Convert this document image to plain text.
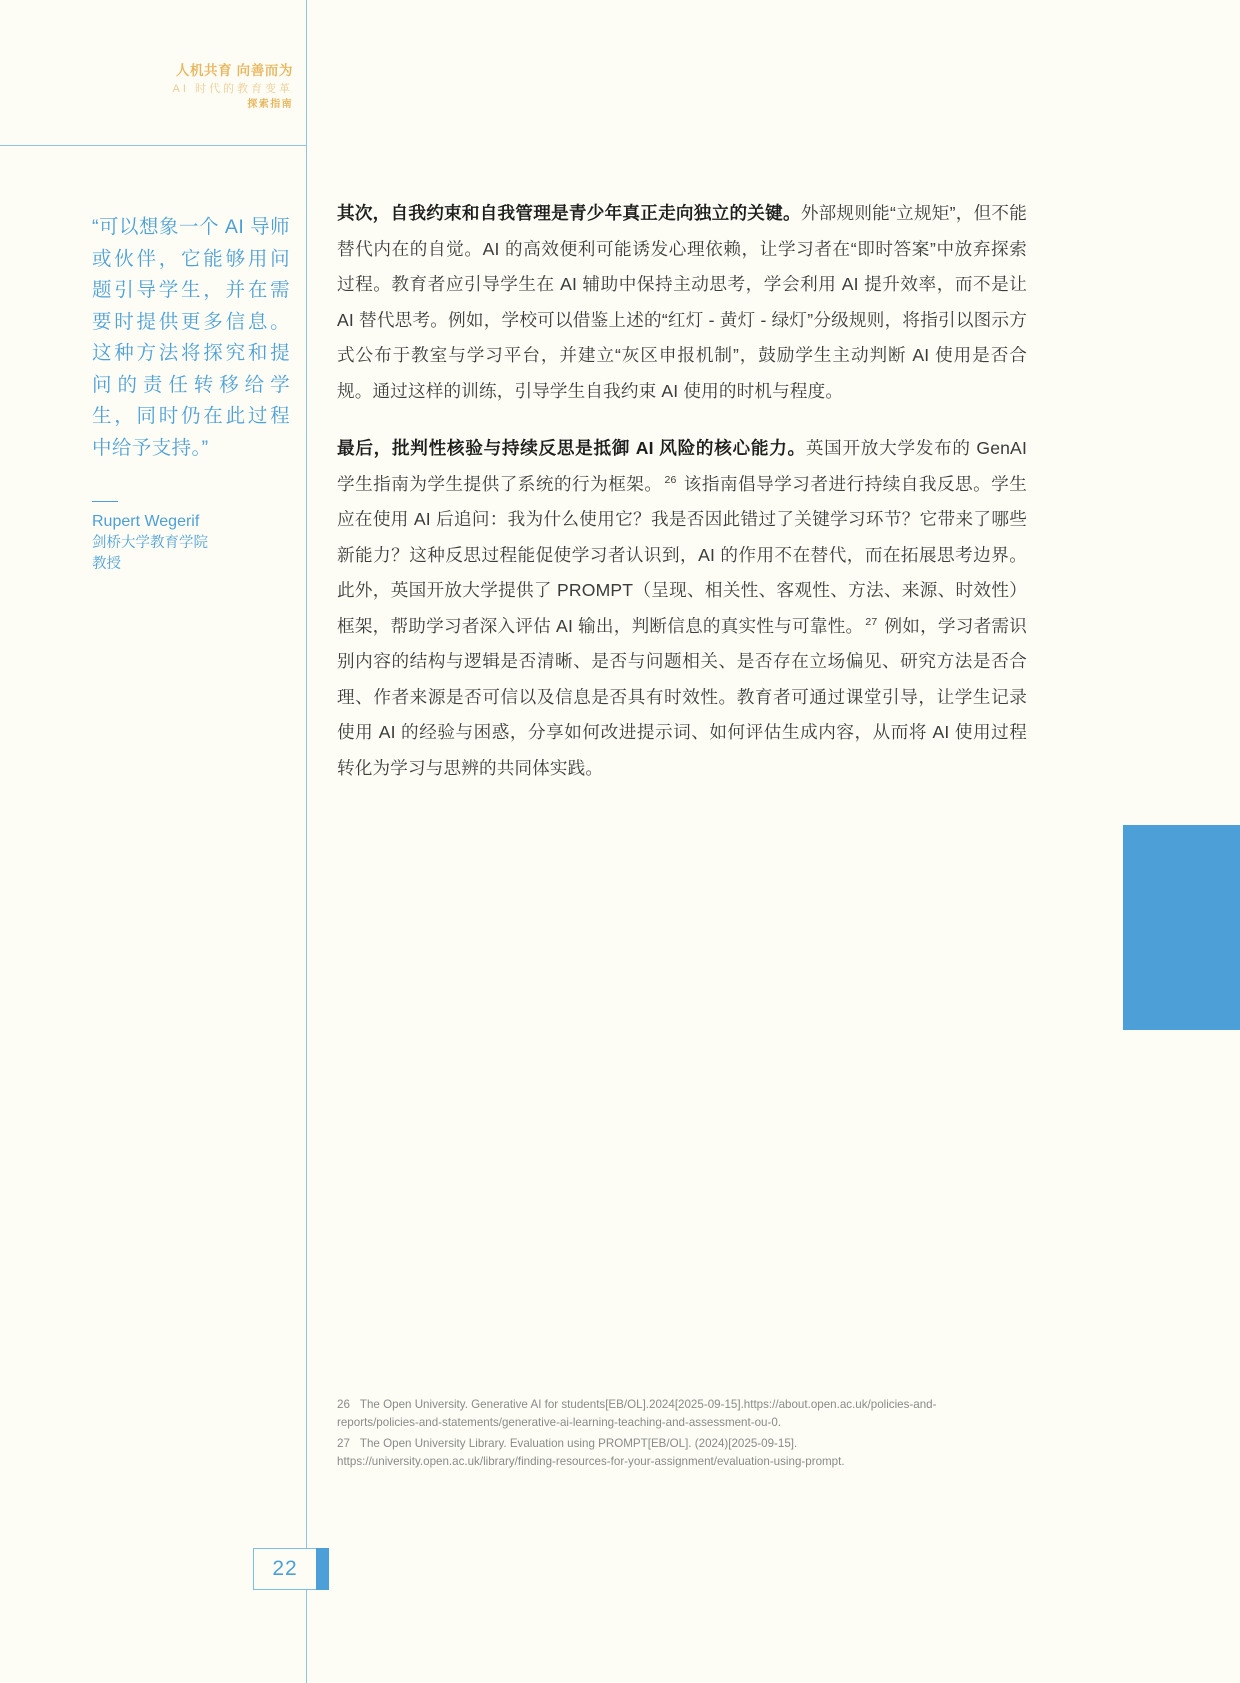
人机共育 向善而为
AI 时代的教育变革
探索指南
“可以想象一个 AI 导师或伙伴，它能够用问题引导学生，并在需要时提供更多信息。这种方法将探究和提问的责任转移给学生，同时仍在此过程中给予支持。”
Rupert Wegerif
剑桥大学教育学院
教授

其次，自我约束和自我管理是青少年真正走向独立的关键。外部规则能“立规矩”，但不能替代内在的自觉。AI 的高效便利可能诱发心理依赖，让学习者在“即时答案”中放弃探索过程。教育者应引导学生在 AI 辅助中保持主动思考，学会利用 AI 提升效率，而不是让 AI 替代思考。例如，学校可以借鉴上述的“红灯 - 黄灯 - 绿灯”分级规则，将指引以图示方式公布于教室与学习平台，并建立“灰区申报机制”，鼓励学生主动判断 AI 使用是否合规。通过这样的训练，引导学生自我约束 AI 使用的时机与程度。

最后，批判性核验与持续反思是抵御 AI 风险的核心能力。英国开放大学发布的 GenAI 学生指南为学生提供了系统的行为框架。 $^{26}$ 该指南倡导学习者进行持续自我反思。学生应在使用 AI 后追问：我为什么使用它？我是否因此错过了关键学习环节？它带来了哪些新能力？这种反思过程能促使学习者认识到，AI 的作用不在替代，而在拓展思考边界。此外，英国开放大学提供了 PROMPT（呈现、相关性、客观性、方法、来源、时效性）框架，帮助学习者深入评估 AI 输出，判断信息的真实性与可靠性。 $^{27}$ 例如，学习者需识别内容的结构与逻辑是否清晰、是否与问题相关、是否存在立场偏见、研究方法是否合理、作者来源是否可信以及信息是否具有时效性。教育者可通过课堂引导，让学生记录使用 AI 的经验与困惑，分享如何改进提示词、如何评估生成内容，从而将 AI 使用过程转化为学习与思辨的共同体实践。

26 The Open University. Generative AI for students[EB/OL].2024[2025-09-15].https://about.open.ac.uk/policies-and-reports/policies-and-statements/generative-ai-learning-teaching-and-assessment-ou-0.
27 The Open University Library. Evaluation using PROMPT[EB/OL]. (2024)[2025-09-15]. https://university.open.ac.uk/library/finding-resources-for-your-assignment/evaluation-using-prompt.
22
